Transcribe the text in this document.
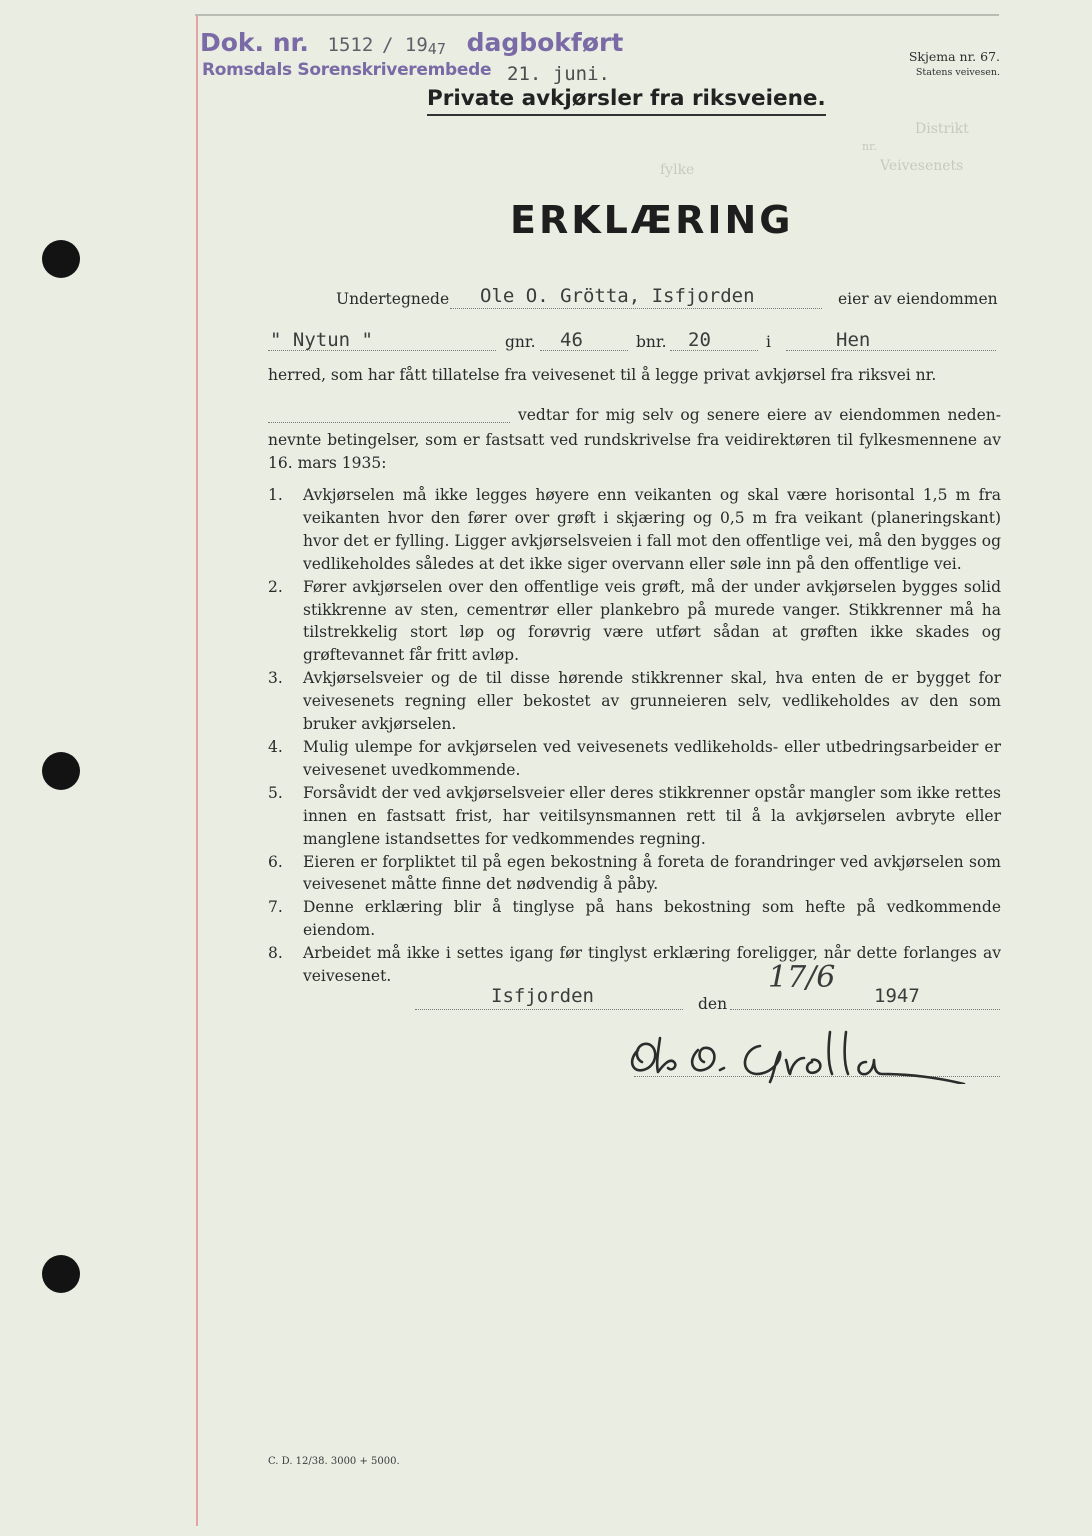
Dok. nr. 1512 / 1947 dagbokført
Romsdals Sorenskriverembede 21. juni.
Skjema nr. 67.
Statens veivesen.
Private avkjørsler fra riksveiene.
Distrikt
nr.
Veivesenets
fylke
ERKLÆRING
Undertegnede Ole O. Grötta, Isfjorden	eier av eiendommen
" Nytun "	gnr. 46	bnr. 20	i	Hen
herred, som har fått tillatelse fra veivesenet til å legge privat avkjørsel fra riksvei nr.
vedtar for mig selv og senere eiere av eiendommen neden-
nevnte betingelser, som er fastsatt ved rundskrivelse fra veidirektøren til fylkesmennene av 16. mars 1935:
1. Avkjørselen må ikke legges høyere enn veikanten og skal være horisontal 1,5 m fra veikanten hvor den fører over grøft i skjæring og 0,5 m fra veikant (planeringskant) hvor det er fylling. Ligger avkjørselsveien i fall mot den offentlige vei, må den bygges og vedlikeholdes således at det ikke siger overvann eller søle inn på den offentlige vei.
2. Fører avkjørselen over den offentlige veis grøft, må der under avkjørselen bygges solid stikkrenne av sten, cementrør eller plankebro på murede vanger. Stikkrenner må ha tilstrekkelig stort løp og forøvrig være utført sådan at grøften ikke skades og grøftevannet får fritt avløp.
3. Avkjørselsveier og de til disse hørende stikkrenner skal, hva enten de er bygget for veivesenets regning eller bekostet av grunneieren selv, vedlikeholdes av den som bruker avkjørselen.
4. Mulig ulempe for avkjørselen ved veivesenets vedlikeholds- eller utbedringsarbeider er veivesenet uvedkommende.
5. Forsåvidt der ved avkjørselsveier eller deres stikkrenner opstår mangler som ikke rettes innen en fastsatt frist, har veitilsynsmannen rett til å la avkjørselen avbryte eller manglene istandsettes for vedkommendes regning.
6. Eieren er forpliktet til på egen bekostning å foreta de forandringer ved avkjørselen som veivesenet måtte finne det nødvendig å påby.
7. Denne erklæring blir å tinglyse på hans bekostning som hefte på vedkommende eiendom.
8. Arbeidet må ikke i settes igang før tinglyst erklæring foreligger, når dette forlanges av veivesenet.
Isfjorden	den
17/6
1947
C. D. 12/38. 3000 + 5000.
